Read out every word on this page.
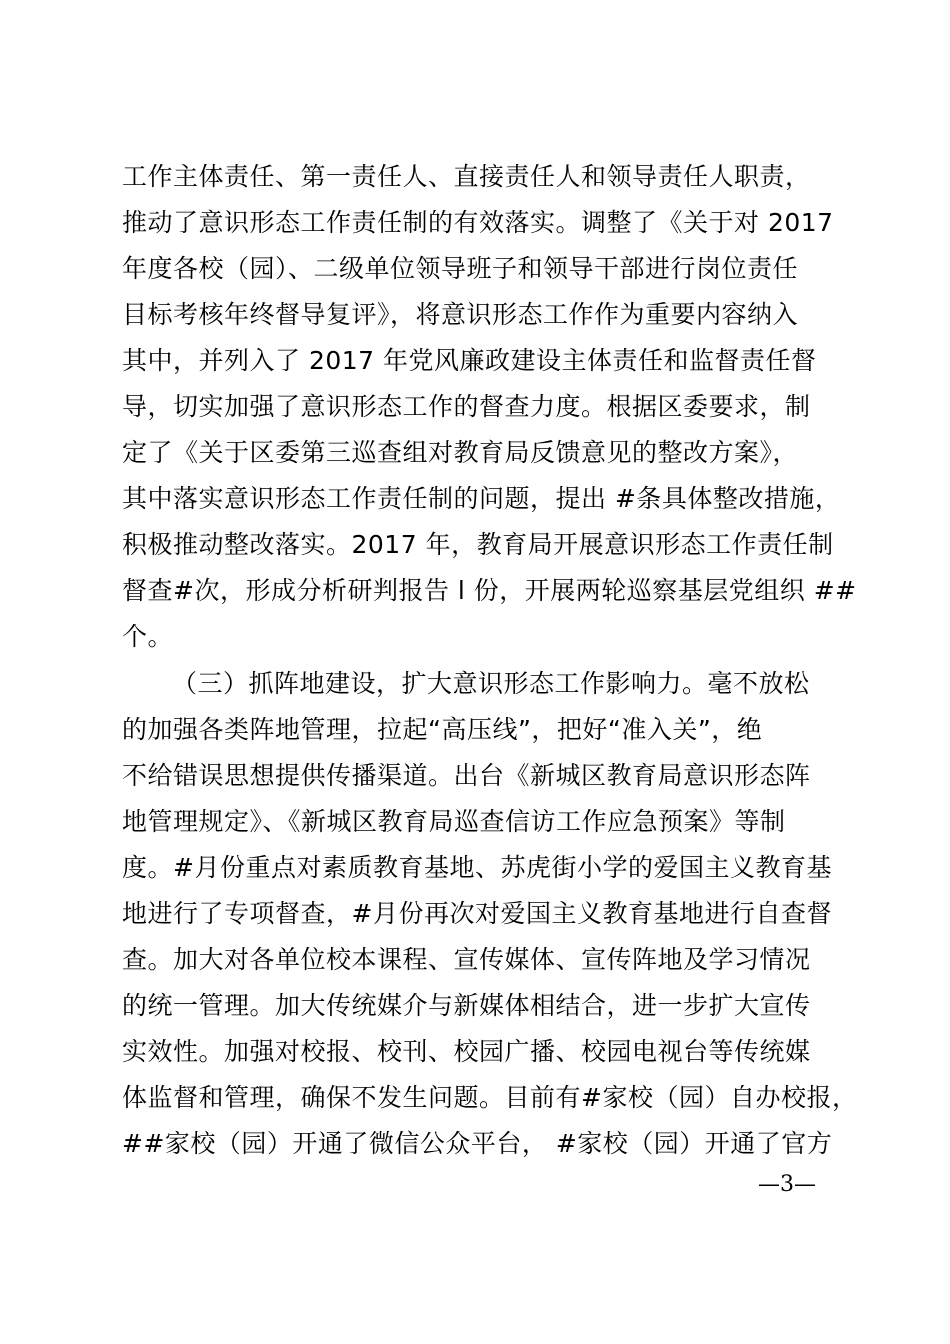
工作主体责任、第一责任人、直接责任人和领导责任人职责，
推动了意识形态工作责任制的有效落实。调整了《关于对 2017
年度各校（园）、二级单位领导班子和领导干部进行岗位责任
目标考核年终督导复评》，将意识形态工作作为重要内容纳入
其中，并列入了 2017 年党风廉政建设主体责任和监督责任督
导，切实加强了意识形态工作的督查力度。根据区委要求，制
定了《关于区委第三巡查组对教育局反馈意见的整改方案》，
其中落实意识形态工作责任制的问题，提出 #条具体整改措施，
积极推动整改落实。2017 年，教育局开展意识形态工作责任制
督查#次，形成分析研判报告 l 份，开展两轮巡察基层党组织 ##
个。
（三）抓阵地建设，扩大意识形态工作影响力。毫不放松
的加强各类阵地管理，拉起“高压线”，把好“准入关”，绝
不给错误思想提供传播渠道。出台《新城区教育局意识形态阵
地管理规定》、《新城区教育局巡查信访工作应急预案》等制
度。#月份重点对素质教育基地、苏虎街小学的爱国主义教育基
地进行了专项督查，#月份再次对爱国主义教育基地进行自查督
查。加大对各单位校本课程、宣传媒体、宣传阵地及学习情况
的统一管理。加大传统媒介与新媒体相结合，进一步扩大宣传
实效性。加强对校报、校刊、校园广播、校园电视台等传统媒
体监督和管理，确保不发生问题。目前有#家校（园）自办校报，
##家校（园）开通了微信公众平台， #家校（园）开通了官方
—3—
